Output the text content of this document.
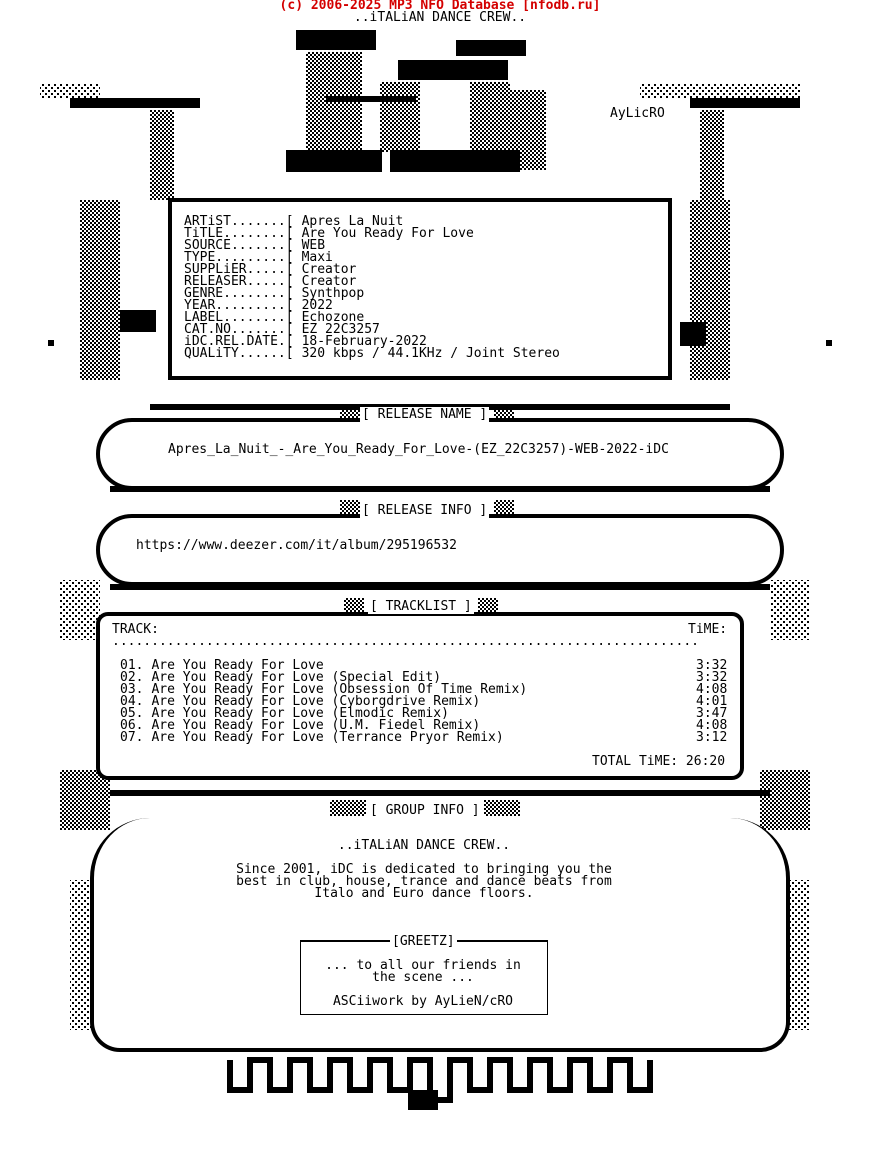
(c) 2006-2025 MP3 NFO Database [nfodb.ru]
..iTALiAN DANCE CREW..
AyLicRO
ARTiST.......[ Apres La Nuit
TiTLE........[ Are You Ready For Love
SOURCE.......[ WEB
TYPE.........[ Maxi
SUPPLiER.....[ Creator
RELEASER.....[ Creator
GENRE........[ Synthpop
YEAR.........[ 2022
LABEL........[ Echozone
CAT.NO.......[ EZ 22C3257
iDC.REL.DATE.[ 18-February-2022
QUALiTY......[ 320 kbps / 44.1KHz / Joint Stereo
[ RELEASE NAME ]
Apres_La_Nuit_-_Are_You_Ready_For_Love-(EZ_22C3257)-WEB-2022-iDC
[ RELEASE INFO ]
https://www.deezer.com/it/album/295196532
[ TRACKLIST ]
TRACK:	TiME:
...........................................................................
01. Are You Ready For Love	3:32
02. Are You Ready For Love (Special Edit)	3:32
03. Are You Ready For Love (Obsession Of Time Remix)	4:08
04. Are You Ready For Love (Cyborgdrive Remix)	4:01
05. Are You Ready For Love (Elmodic Remix)	3:47
06. Are You Ready For Love (U.M. Fiedel Remix)	4:08
07. Are You Ready For Love (Terrance Pryor Remix)	3:12
TOTAL TiME: 26:20
[ GROUP INFO ]
..iTALiAN DANCE CREW..
Since 2001, iDC is dedicated to bringing you the
best in club, house, trance and dance beats from
Italo and Euro dance floors.
[GREETZ]
... to all our friends in
the scene ...
ASCiiwork by AyLieN/cRO
